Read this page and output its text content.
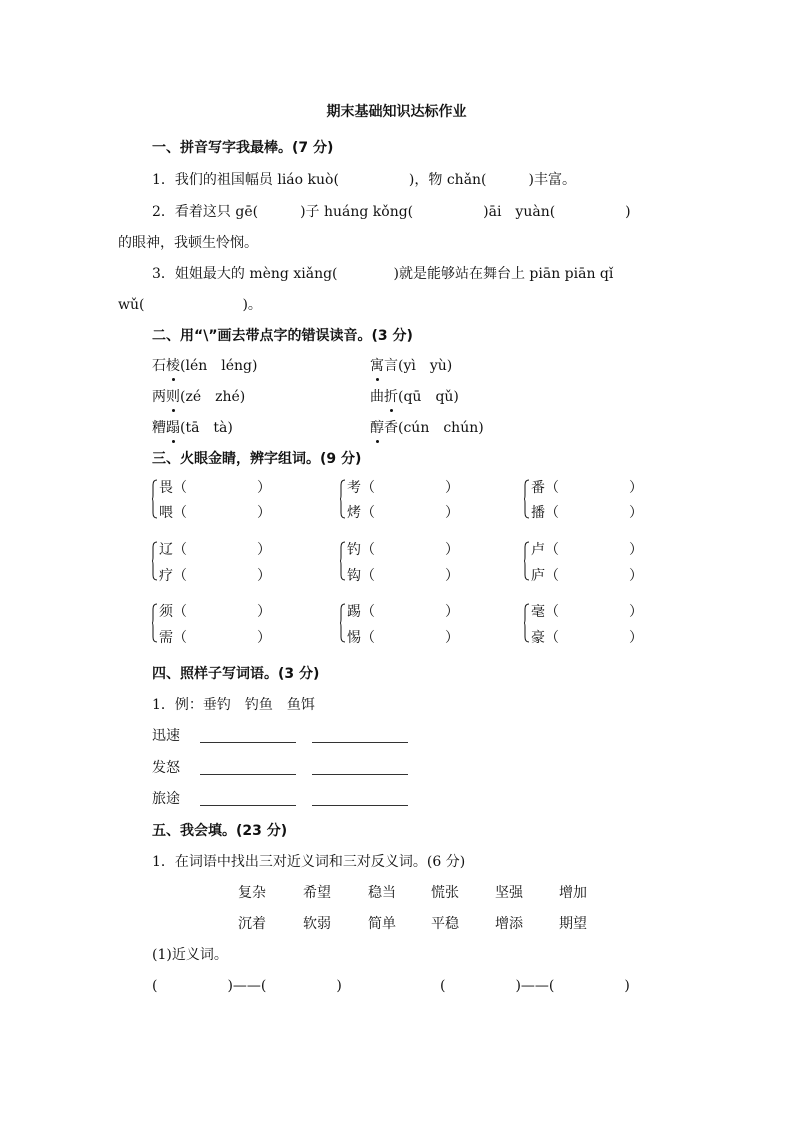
期末基础知识达标作业
一、拼音写字我最棒。(7 分)
1．我们的祖国幅员 liáo kuò(　　　　　)，物 chǎn(　　　)丰富。
2．看着这只 gē(　　　)子 huáng kǒng(　　　　　)āi　yuàn(　　　　　)
的眼神，我顿生怜悯。
3．姐姐最大的 mèng xiǎng(　　　　)就是能够站在舞台上 piān piān qǐ
wǔ(　　　　　　　)。
二、用“\”画去带点字的错误读音。(3 分)
石棱(lén　léng)	寓言(yì　yù)
两则(zé　zhé)	曲折(qū　qǔ)
糟蹋(tā　tà)	醇香(cún　chún)
三、火眼金睛，辨字组词。(9 分)
畏（　　　　　）
喂（　　　　　）
考（　　　　　）
烤（　　　　　）
番（　　　　　）
播（　　　　　）
辽（　　　　　）
疗（　　　　　）
钓（　　　　　）
钩（　　　　　）
卢（　　　　　）
庐（　　　　　）
须（　　　　　）
需（　　　　　）
踢（　　　　　）
惕（　　　　　）
毫（　　　　　）
豪（　　　　　）
四、照样子写词语。(3 分)
1．例：垂钓　钓鱼　鱼饵
迅速
发怒
旅途
五、我会填。(23 分)
1．在词语中找出三对近义词和三对反义词。(6 分)
复杂	希望	稳当	慌张	坚强	增加
沉着	软弱	简单	平稳	增添	期望
(1)近义词。
(　　　　　)——(　　　　　)	(　　　　　)——(　　　　　)
